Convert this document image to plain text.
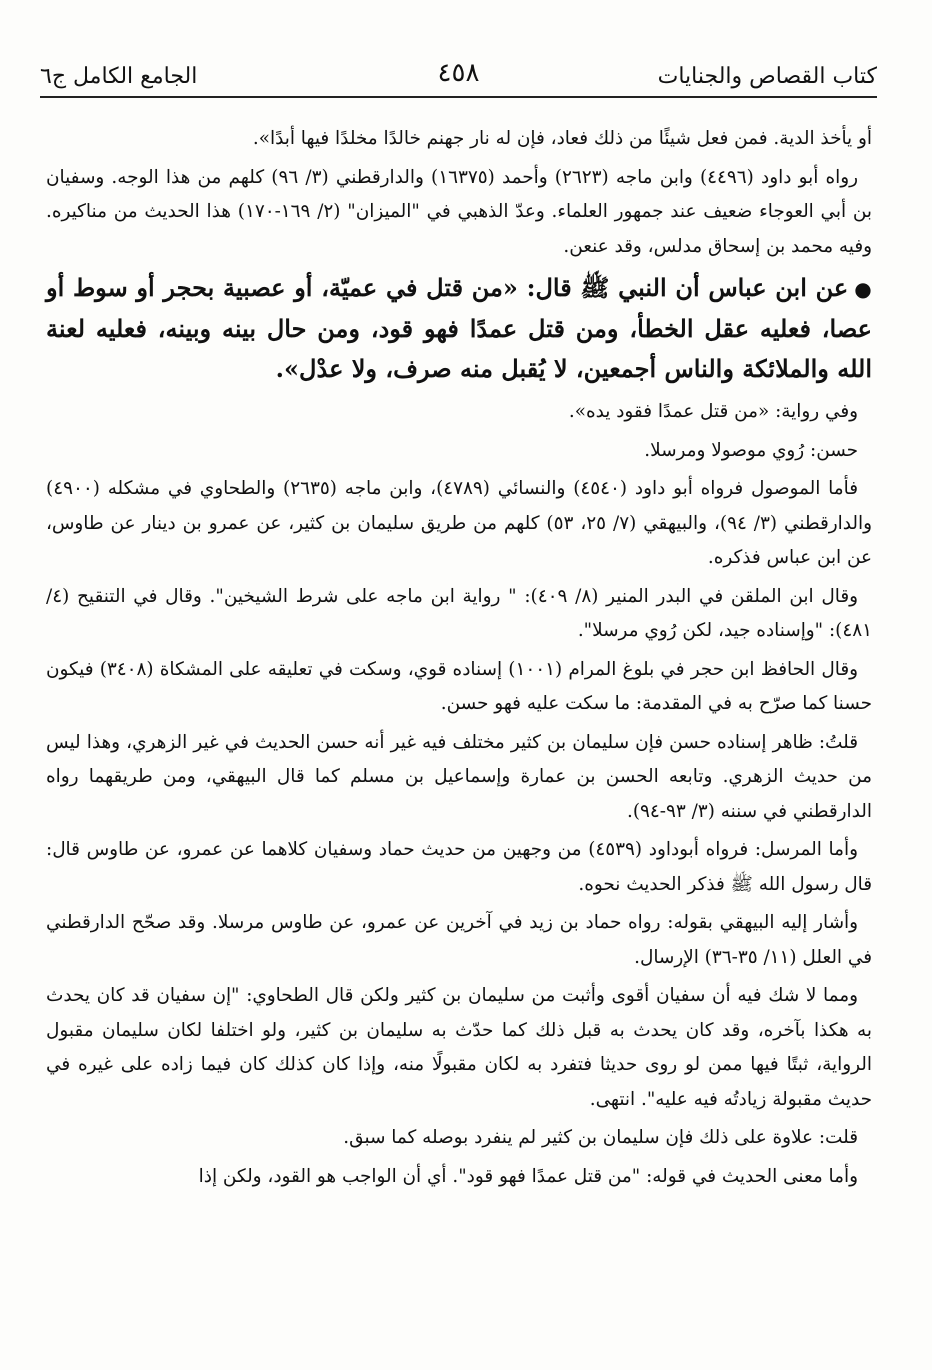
كتاب القصاص والجنايات
٤٥٨
الجامع الكامل ج٦

أو يأخذ الدية. فمن فعل شيئًا من ذلك فعاد، فإن له نار جهنم خالدًا مخلدًا فيها أبدًا».

رواه أبو داود (٤٤٩٦) وابن ماجه (٢٦٢٣) وأحمد (١٦٣٧٥) والدارقطني (٣/ ٩٦) كلهم من هذا الوجه. وسفيان بن أبي العوجاء ضعيف عند جمهور العلماء. وعدّ الذهبي في "الميزان" (٢/ ١٦٩-١٧٠) هذا الحديث من مناكيره. وفيه محمد بن إسحاق مدلس، وقد عنعن.

●عن ابن عباس أن النبي ﷺ قال: «من قتل في عميّة، أو عصبية بحجر أو سوط أو عصا، فعليه عقل الخطأ، ومن قتل عمدًا فهو قود، ومن حال بينه وبينه، فعليه لعنة الله والملائكة والناس أجمعين، لا يُقبل منه صرف، ولا عدْل».

وفي رواية: «من قتل عمدًا فقود يده».

حسن: رُوي موصولا ومرسلا.

فأما الموصول فرواه أبو داود (٤٥٤٠) والنسائي (٤٧٨٩)، وابن ماجه (٢٦٣٥) والطحاوي في مشكله (٤٩٠٠) والدارقطني (٣/ ٩٤)، والبيهقي (٧/ ٢٥، ٥٣) كلهم من طريق سليمان بن كثير، عن عمرو بن دينار عن طاوس، عن ابن عباس فذكره.

وقال ابن الملقن في البدر المنير (٨/ ٤٠٩): " رواية ابن ماجه على شرط الشيخين". وقال في التنقيح (٤/ ٤٨١): "وإسناده جيد، لكن رُوي مرسلا".

وقال الحافظ ابن حجر في بلوغ المرام (١٠٠١) إسناده قوي، وسكت في تعليقه على المشكاة (٣٤٠٨) فيكون حسنا كما صرّح به في المقدمة: ما سكت عليه فهو حسن.

قلتُ: ظاهر إسناده حسن فإن سليمان بن كثير مختلف فيه غير أنه حسن الحديث في غير الزهري، وهذا ليس من حديث الزهري. وتابعه الحسن بن عمارة وإسماعيل بن مسلم كما قال البيهقي، ومن طريقهما رواه الدارقطني في سننه (٣/ ٩٣-٩٤).

وأما المرسل: فرواه أبوداود (٤٥٣٩) من وجهين من حديث حماد وسفيان كلاهما عن عمرو، عن طاوس قال: قال رسول الله ﷺ فذكر الحديث نحوه.

وأشار إليه البيهقي بقوله: رواه حماد بن زيد في آخرين عن عمرو، عن طاوس مرسلا. وقد صحّح الدارقطني في العلل (١١/ ٣٥-٣٦) الإرسال.

ومما لا شك فيه أن سفيان أقوى وأثبت من سليمان بن كثير ولكن قال الطحاوي: "إن سفيان قد كان يحدث به هكذا بآخره، وقد كان يحدث به قبل ذلك كما حدّث به سليمان بن كثير، ولو اختلفا لكان سليمان مقبول الرواية، ثبتًا فيها ممن لو روى حديثا فتفرد به لكان مقبولًا منه، وإذا كان كذلك كان فيما زاده على غيره في حديث مقبولة زيادتُه فيه عليه". انتهى.

قلت: علاوة على ذلك فإن سليمان بن كثير لم ينفرد بوصله كما سبق.

وأما معنى الحديث في قوله: "من قتل عمدًا فهو قود". أي أن الواجب هو القود، ولكن إذا
